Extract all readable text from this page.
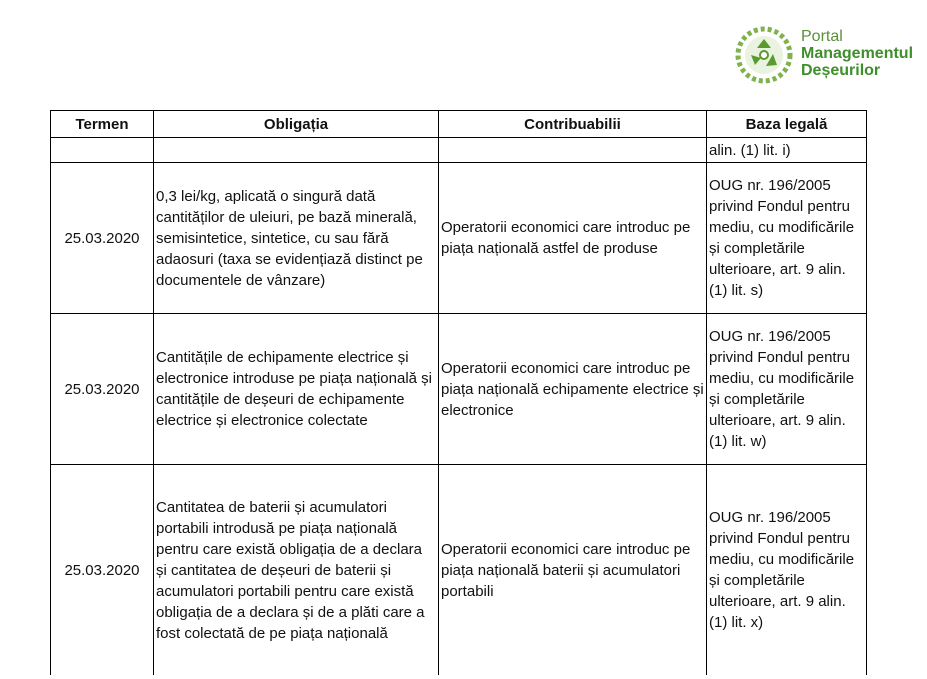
Portal
Managementul
Deșeurilor
Termen	Obligația	Contribuabilii	Baza legală
			alin. (1) lit. i)
25.03.2020	0,3 lei/kg, aplicată o singură dată cantităților de uleiuri, pe bază minerală, semisintetice, sintetice, cu sau fără adaosuri (taxa se evidențiază distinct pe documentele de vânzare)	Operatorii economici care introduc pe piața națională astfel de produse	OUG nr. 196/2005 privind Fondul pentru mediu, cu modificările și completările ulterioare, art. 9 alin. (1) lit. s)
25.03.2020	Cantitățile de echipamente electrice și electronice introduse pe piața națională și cantitățile de deșeuri de echipamente electrice și electronice colectate	Operatorii economici care introduc pe piața națională echipamente electrice și electronice	OUG nr. 196/2005 privind Fondul pentru mediu, cu modificările și completările ulterioare, art. 9 alin. (1) lit. w)
25.03.2020	Cantitatea de baterii și acumulatori portabili introdusă pe piața națională pentru care există obligația de a declara și cantitatea de deșeuri de baterii și acumulatori portabili pentru care există obligația de a declara și de a plăti care a fost colectată de pe piața națională	Operatorii economici care introduc pe piața națională baterii și acumulatori portabili	OUG nr. 196/2005 privind Fondul pentru mediu, cu modificările și completările ulterioare, art. 9 alin. (1) lit. x)
